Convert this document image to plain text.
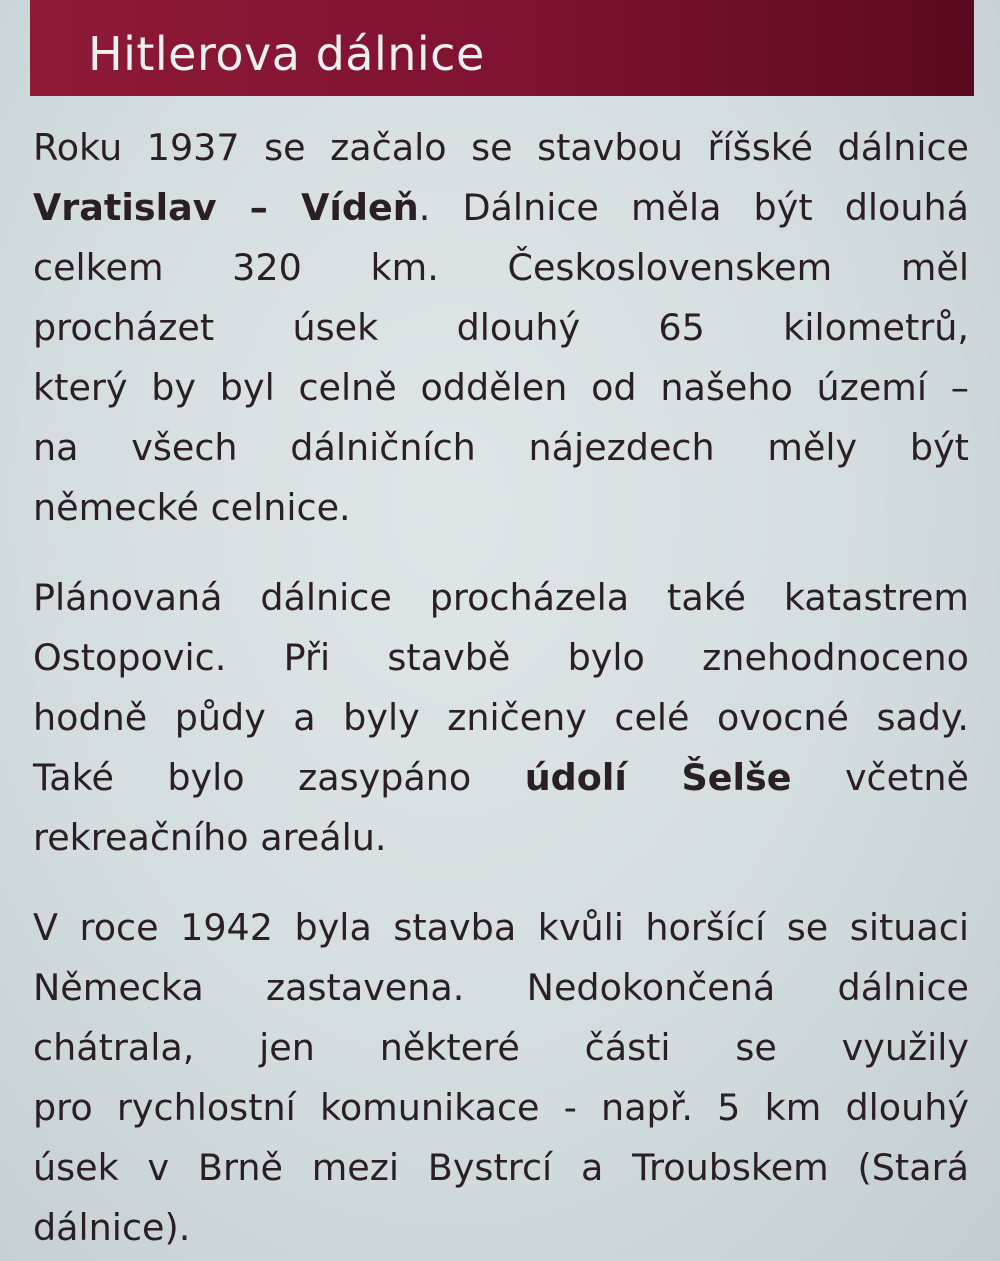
Hitlerova dálnice

Roku 1937 se začalo se stavbou říšské dálnice
Vratislav – Vídeň. Dálnice měla být dlouhá
celkem 320 km. Československem měl
procházet úsek dlouhý 65 kilometrů,
který by byl celně oddělen od našeho území –
na všech dálničních nájezdech měly být
německé celnice.

Plánovaná dálnice procházela také katastrem
Ostopovic. Při stavbě bylo znehodnoceno
hodně půdy a byly zničeny celé ovocné sady.
Také bylo zasypáno údolí Šelše včetně
rekreačního areálu.

V roce 1942 byla stavba kvůli horšící se situaci
Německa zastavena. Nedokončená dálnice
chátrala, jen některé části se využily
pro rychlostní komunikace - např. 5 km dlouhý
úsek v Brně mezi Bystrcí a Troubskem (Stará
dálnice).
